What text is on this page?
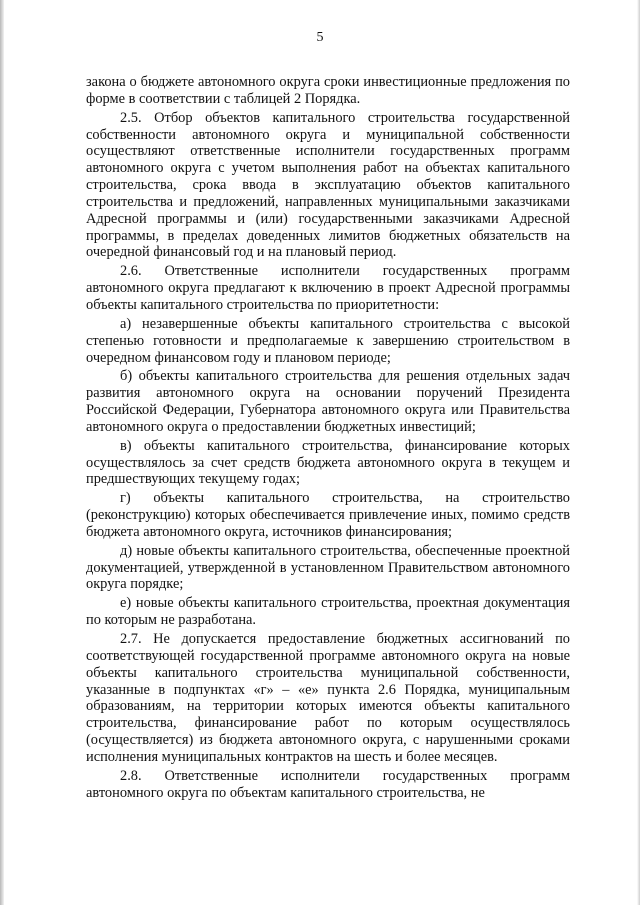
5

закона о бюджете автономного округа сроки инвестиционные предложения по форме в соответствии с таблицей 2 Порядка.

2.5. Отбор объектов капитального строительства государственной собственности автономного округа и муниципальной собственности осуществляют ответственные исполнители государственных программ автономного округа с учетом выполнения работ на объектах капитального строительства, срока ввода в эксплуатацию объектов капитального строительства и предложений, направленных муниципальными заказчиками Адресной программы и (или) государственными заказчиками Адресной программы, в пределах доведенных лимитов бюджетных обязательств на очередной финансовый год и на плановый период.

2.6. Ответственные исполнители государственных программ автономного округа предлагают к включению в проект Адресной программы объекты капитального строительства по приоритетности:

а) незавершенные объекты капитального строительства с высокой степенью готовности и предполагаемые к завершению строительством в очередном финансовом году и плановом периоде;

б) объекты капитального строительства для решения отдельных задач развития автономного округа на основании поручений Президента Российской Федерации, Губернатора автономного округа или Правительства автономного округа о предоставлении бюджетных инвестиций;

в) объекты капитального строительства, финансирование которых осуществлялось за счет средств бюджета автономного округа в текущем и предшествующих текущему годах;

г) объекты капитального строительства, на строительство (реконструкцию) которых обеспечивается привлечение иных, помимо средств бюджета автономного округа, источников финансирования;

д) новые объекты капитального строительства, обеспеченные проектной документацией, утвержденной в установленном Правительством автономного округа порядке;

е) новые объекты капитального строительства, проектная документация по которым не разработана.

2.7. Не допускается предоставление бюджетных ассигнований по соответствующей государственной программе автономного округа на новые объекты капитального строительства муниципальной собственности, указанные в подпунктах «г» – «е» пункта 2.6 Порядка, муниципальным образованиям, на территории которых имеются объекты капитального строительства, финансирование работ по которым осуществлялось (осуществляется) из бюджета автономного округа, с нарушенными сроками исполнения муниципальных контрактов на шесть и более месяцев.

2.8. Ответственные исполнители государственных программ автономного округа по объектам капитального строительства, не
